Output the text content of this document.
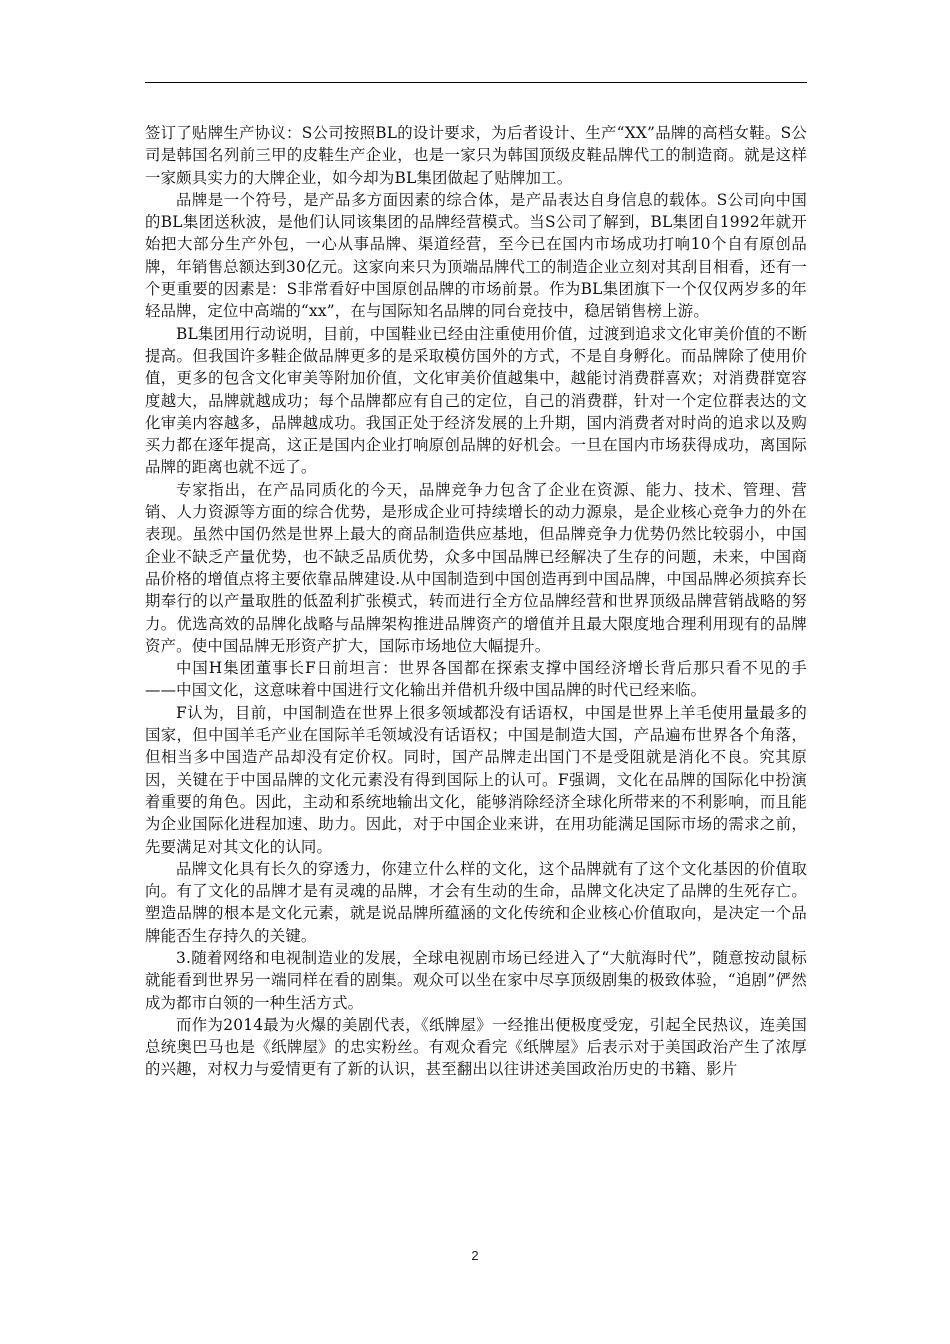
签订了贴牌生产协议：S公司按照BL的设计要求，为后者设计、生产“XX”品牌的高档女鞋。S公司是韩国名列前三甲的皮鞋生产企业，也是一家只为韩国顶级皮鞋品牌代工的制造商。就是这样一家颇具实力的大牌企业，如今却为BL集团做起了贴牌加工。

品牌是一个符号，是产品多方面因素的综合体，是产品表达自身信息的载体。S公司向中国的BL集团送秋波，是他们认同该集团的品牌经营模式。当S公司了解到，BL集团自1992年就开始把大部分生产外包，一心从事品牌、渠道经营，至今已在国内市场成功打响10个自有原创品牌，年销售总额达到30亿元。这家向来只为顶端品牌代工的制造企业立刻对其刮目相看，还有一个更重要的因素是：S非常看好中国原创品牌的市场前景。作为BL集团旗下一个仅仅两岁多的年轻品牌，定位中高端的“xx”，在与国际知名品牌的同台竞技中，稳居销售榜上游。

BL集团用行动说明，目前，中国鞋业已经由注重使用价值，过渡到追求文化审美价值的不断提高。但我国许多鞋企做品牌更多的是采取模仿国外的方式，不是自身孵化。而品牌除了使用价值，更多的包含文化审美等附加价值，文化审美价值越集中，越能讨消费群喜欢；对消费群宽容度越大，品牌就越成功；每个品牌都应有自己的定位，自己的消费群，针对一个定位群表达的文化审美内容越多，品牌越成功。我国正处于经济发展的上升期，国内消费者对时尚的追求以及购买力都在逐年提高，这正是国内企业打响原创品牌的好机会。一旦在国内市场获得成功，离国际品牌的距离也就不远了。

专家指出，在产品同质化的今天，品牌竞争力包含了企业在资源、能力、技术、管理、营销、人力资源等方面的综合优势，是形成企业可持续增长的动力源泉，是企业核心竞争力的外在表现。虽然中国仍然是世界上最大的商品制造供应基地，但品牌竞争力优势仍然比较弱小，中国企业不缺乏产量优势，也不缺乏品质优势，众多中国品牌已经解决了生存的问题，未来，中国商品价格的增值点将主要依靠品牌建设.从中国制造到中国创造再到中国品牌，中国品牌必须摈弃长期奉行的以产量取胜的低盈利扩张模式，转而进行全方位品牌经营和世界顶级品牌营销战略的努力。优选高效的品牌化战略与品牌架构推进品牌资产的增值并且最大限度地合理利用现有的品牌资产。使中国品牌无形资产扩大，国际市场地位大幅提升。

中国H集团董事长F日前坦言：世界各国都在探索支撑中国经济增长背后那只看不见的手——中国文化，这意味着中国进行文化输出并借机升级中国品牌的时代已经来临。

F认为，目前，中国制造在世界上很多领域都没有话语权，中国是世界上羊毛使用量最多的国家，但中国羊毛产业在国际羊毛领域没有话语权；中国是制造大国，产品遍布世界各个角落，但相当多中国造产品却没有定价权。同时，国产品牌走出国门不是受阻就是消化不良。究其原因，关键在于中国品牌的文化元素没有得到国际上的认可。F强调，文化在品牌的国际化中扮演着重要的角色。因此，主动和系统地输出文化，能够消除经济全球化所带来的不利影响，而且能为企业国际化进程加速、助力。因此，对于中国企业来讲，在用功能满足国际市场的需求之前，先要满足对其文化的认同。

品牌文化具有长久的穿透力，你建立什么样的文化，这个品牌就有了这个文化基因的价值取向。有了文化的品牌才是有灵魂的品牌，才会有生动的生命，品牌文化决定了品牌的生死存亡。塑造品牌的根本是文化元素，就是说品牌所蕴涵的文化传统和企业核心价值取向，是决定一个品牌能否生存持久的关键。

3.随着网络和电视制造业的发展，全球电视剧市场已经进入了“大航海时代”，随意按动鼠标就能看到世界另一端同样在看的剧集。观众可以坐在家中尽享顶级剧集的极致体验，“追剧”俨然成为都市白领的一种生活方式。

而作为2014最为火爆的美剧代表，《纸牌屋》一经推出便极度受宠，引起全民热议，连美国总统奥巴马也是《纸牌屋》的忠实粉丝。有观众看完《纸牌屋》后表示对于美国政治产生了浓厚的兴趣，对权力与爱情更有了新的认识，甚至翻出以往讲述美国政治历史的书籍、影片

2
